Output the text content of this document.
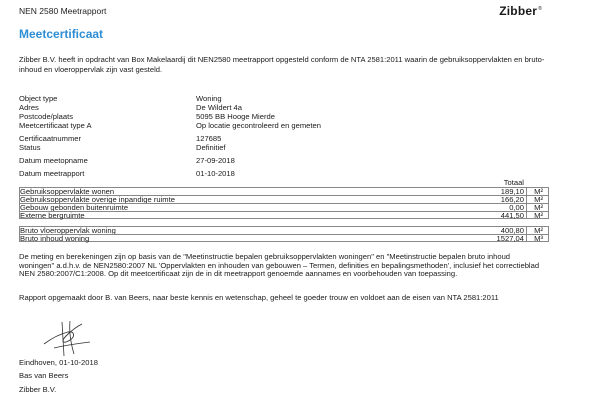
NEN 2580 Meetrapport	Zibber®
Meetcertificaat
Zibber B.V. heeft in opdracht van Box Makelaardij dit NEN2580 meetrapport opgesteld conform de NTA 2581:2011 waarin de gebruiksoppervlakten en bruto- inhoud en vloeroppervlak zijn vast gesteld.
Object type	Woning
Adres	De Wildert 4a
Postcode/plaats	5095 BB Hooge Mierde
Meetcertificaat type A	Op locatie gecontroleerd en gemeten
Certificaatnummer	127685
Status	Definitief
Datum meetopname	27-09-2018
Datum meetrapport	01-10-2018
Totaal
Gebruiksoppervlakte wonen	189,10 M²
Gebruiksoppervlakte overige inpandige ruimte	166,20 M²
Gebouw gebonden buitenruimte	0,00 M²
Externe bergruimte	441,50 M²
Bruto vloeroppervlak woning	400,80 M²
Bruto inhoud woning	1527,04 M³
De meting en berekeningen zijn op basis van de "Meetinstructie bepalen gebruiksoppervlakten woningen" en "Meetinstructie bepalen bruto inhoud woningen" a.d.h.v. de NEN2580:2007 NL 'Oppervlakten en inhouden van gebouwen – Termen, definities en bepalingsmethoden', inclusief het correctieblad NEN 2580:2007/C1:2008. Op dit meetcertificaat zijn de in dit meetrapport genoemde aannames en voorbehouden van toepassing.
Rapport opgemaakt door B. van Beers, naar beste kennis en wetenschap, geheel te goeder trouw en voldoet aan de eisen van NTA 2581:2011
Eindhoven, 01-10-2018
Bas van Beers
Zibber B.V.
